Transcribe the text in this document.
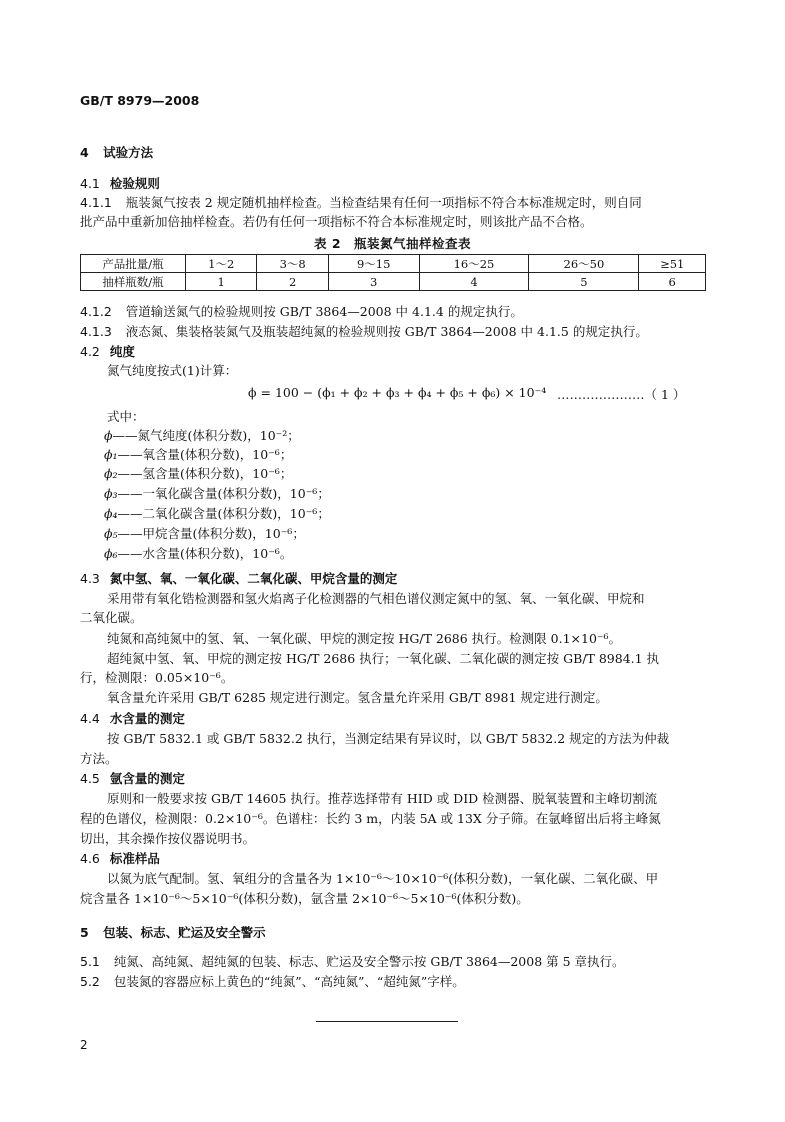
GB/T 8979—2008
4 试验方法
4.1 检验规则
4.1.1 瓶装氮气按表 2 规定随机抽样检查。当检查结果有任何一项指标不符合本标准规定时，则自同
批产品中重新加倍抽样检查。若仍有任何一项指标不符合本标准规定时，则该批产品不合格。
表 2　瓶装氮气抽样检查表
产品批量/瓶	1～2	3～8	9～15	16～25	26～50	≥51
抽样瓶数/瓶	1	2	3	4	5	6
4.1.2 管道输送氮气的检验规则按 GB/T 3864—2008 中 4.1.4 的规定执行。
4.1.3 液态氮、集装格装氮气及瓶装超纯氮的检验规则按 GB/T 3864—2008 中 4.1.5 的规定执行。
4.2 纯度
氮气纯度按式(1)计算：
ϕ = 100 − (ϕ₁ + ϕ₂ + ϕ₃ + ϕ₄ + ϕ₅ + ϕ₆) × 10⁻⁴ …………………（ 1 ）
式中：
ϕ——氮气纯度(体积分数)，10⁻²；
ϕ₁——氧含量(体积分数)，10⁻⁶；
ϕ₂——氢含量(体积分数)，10⁻⁶；
ϕ₃——一氧化碳含量(体积分数)，10⁻⁶；
ϕ₄——二氧化碳含量(体积分数)，10⁻⁶；
ϕ₅——甲烷含量(体积分数)，10⁻⁶；
ϕ₆——水含量(体积分数)，10⁻⁶。
4.3 氮中氢、氧、一氧化碳、二氧化碳、甲烷含量的测定
采用带有氧化锆检测器和氢火焰离子化检测器的气相色谱仪测定氮中的氢、氧、一氧化碳、甲烷和
二氧化碳。
纯氮和高纯氮中的氢、氧、一氧化碳、甲烷的测定按 HG/T 2686 执行。检测限 0.1×10⁻⁶。
超纯氮中氢、氧、甲烷的测定按 HG/T 2686 执行；一氧化碳、二氧化碳的测定按 GB/T 8984.1 执
行，检测限：0.05×10⁻⁶。
氧含量允许采用 GB/T 6285 规定进行测定。氢含量允许采用 GB/T 8981 规定进行测定。
4.4 水含量的测定
按 GB/T 5832.1 或 GB/T 5832.2 执行，当测定结果有异议时，以 GB/T 5832.2 规定的方法为仲裁
方法。
4.5 氩含量的测定
原则和一般要求按 GB/T 14605 执行。推荐选择带有 HID 或 DID 检测器、脱氧装置和主峰切割流
程的色谱仪，检测限：0.2×10⁻⁶。色谱柱：长约 3 m，内装 5A 或 13X 分子筛。在氩峰留出后将主峰氮
切出，其余操作按仪器说明书。
4.6 标准样品
以氮为底气配制。氢、氧组分的含量各为 1×10⁻⁶～10×10⁻⁶(体积分数)，一氧化碳、二氧化碳、甲
烷含量各 1×10⁻⁶～5×10⁻⁶(体积分数)，氩含量 2×10⁻⁶～5×10⁻⁶(体积分数)。
5 包装、标志、贮运及安全警示
5.1 纯氮、高纯氮、超纯氮的包装、标志、贮运及安全警示按 GB/T 3864—2008 第 5 章执行。
5.2 包装氮的容器应标上黄色的“纯氮”、“高纯氮”、“超纯氮”字样。
2
